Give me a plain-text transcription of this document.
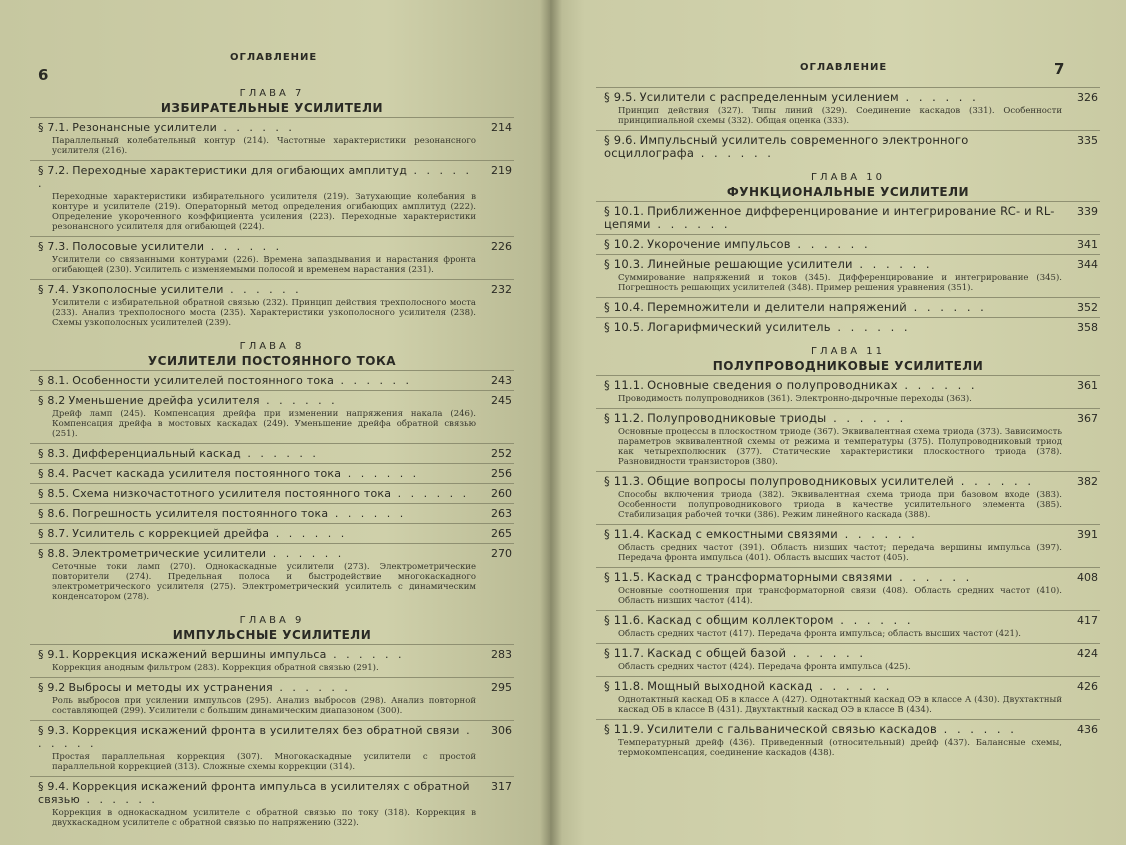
ОГЛАВЛЕНИЕ
6
ГЛАВА 7
ИЗБИРАТЕЛЬНЫЕ УСИЛИТЕЛИ
§ 7.1. Резонансные усилители . . . . . .	214
Параллельный колебательный контур (214). Частотные характеристики резонансного усилителя (216).
§ 7.2. Переходные характеристики для огибающих амплитуд . . . . . .
219
Переходные характеристики избирательного усилителя (219). Затухающие колебания в контуре и усилителе (219). Операторный метод определения огибающих амплитуд (222). Определение укороченного коэффициента усиления (223). Переходные характеристики резонансного усилителя для огибающей (224).
§ 7.3. Полосовые усилители . . . . . .	226
Усилители со связанными контурами (226). Времена запаздывания и нарастания фронта огибающей (230). Усилитель с изменяемыми полосой и временем нарастания (231).
§ 7.4. Узкополосные усилители . . . . . .	232
Усилители с избирательной обратной связью (232). Принцип действия трехполосного моста (233). Анализ трехполосного моста (235). Характеристики узкополосного усилителя (238). Схемы узкополосных усилителей (239).
ГЛАВА 8
УСИЛИТЕЛИ ПОСТОЯННОГО ТОКА
§ 8.1. Особенности усилителей постоянного тока . . . . . .	243
§ 8.2 Уменьшение дрейфа усилителя . . . . . .	245
Дрейф ламп (245). Компенсация дрейфа при изменении напряжения накала (246). Компенсация дрейфа в мостовых каскадах (249). Уменьшение дрейфа обратной связью (251).
§ 8.3. Дифференциальный каскад . . . . . .	252
§ 8.4. Расчет каскада усилителя постоянного тока . . . . . .	256
§ 8.5. Схема низкочастотного усилителя постоянного тока . . . . . .	260
§ 8.6. Погрешность усилителя постоянного тока . . . . . .	263
§ 8.7. Усилитель с коррекцией дрейфа . . . . . .	265
§ 8.8. Электрометрические усилители . . . . . .	270
Сеточные токи ламп (270). Однокаскадные усилители (273). Электрометрические повторители (274). Предельная полоса и быстродействие многокаскадного электрометрического усилителя (275). Электрометрический усилитель с динамическим конденсатором (278).
ГЛАВА 9
ИМПУЛЬСНЫЕ УСИЛИТЕЛИ
§ 9.1. Коррекция искажений вершины импульса . . . . . .	283
Коррекция анодным фильтром (283). Коррекция обратной связью (291).
§ 9.2 Выбросы и методы их устранения . . . . . .	295
Роль выбросов при усилении импульсов (295). Анализ выбросов (298). Анализ повторной составляющей (299). Усилители с большим динамическим диапазоном (300).
§ 9.3. Коррекция искажений фронта в усилителях без обратной связи . . . . . .
306
Простая параллельная коррекция (307). Многокаскадные усилители с простой параллельной коррекцией (313). Сложные схемы коррекции (314).
§ 9.4. Коррекция искажений фронта импульса в усилителях с обратной связью . . . . . .
317
Коррекция в однокаскадном усилителе с обратной связью по току (318). Коррекция в двухкаскадном усилителе с обратной связью по напряжению (322).
ОГЛАВЛЕНИЕ	7
§ 9.5. Усилители с распределенным усилением . . . . . .	326
Принцип действия (327). Типы линий (329). Соединение каскадов (331). Особенности принципиальной схемы (332). Общая оценка (333).
§ 9.6. Импульсный усилитель современного электронного осциллографа . . . . . .
335
ГЛАВА 10
ФУНКЦИОНАЛЬНЫЕ УСИЛИТЕЛИ
§ 10.1. Приближенное дифференцирование и интегрирование RC- и RL-цепями . . . . . .
339
§ 10.2. Укорочение импульсов . . . . . .	341
§ 10.3. Линейные решающие усилители . . . . . .	344
Суммирование напряжений и токов (345). Дифференцирование и интегрирование (345). Погрешность решающих усилителей (348). Пример решения уравнения (351).
§ 10.4. Перемножители и делители напряжений . . . . . .	352
§ 10.5. Логарифмический усилитель . . . . . .	358
ГЛАВА 11
ПОЛУПРОВОДНИКОВЫЕ УСИЛИТЕЛИ
§ 11.1. Основные сведения о полупроводниках . . . . . .	361
Проводимость полупроводников (361). Электронно-дырочные переходы (363).
§ 11.2. Полупроводниковые триоды . . . . . .	367
Основные процессы в плоскостном триоде (367). Эквивалентная схема триода (373). Зависимость параметров эквивалентной схемы от режима и температуры (375). Полупроводниковый триод как четырехполюсник (377). Статические характеристики плоскостного триода (378). Разновидности транзисторов (380).
§ 11.3. Общие вопросы полупроводниковых усилителей . . . . . .	382
Способы включения триода (382). Эквивалентная схема триода при базовом входе (383). Особенности полупроводникового триода в качестве усилительного элемента (385). Стабилизация рабочей точки (386). Режим линейного каскада (388).
§ 11.4. Каскад с емкостными связями . . . . . .	391
Область средних частот (391). Область низших частот; передача вершины импульса (397). Передача фронта импульса (401). Область высших частот (405).
§ 11.5. Каскад с трансформаторными связями . . . . . .	408
Основные соотношения при трансформаторной связи (408). Область средних частот (410). Область низших частот (414).
§ 11.6. Каскад с общим коллектором . . . . . .	417
Область средних частот (417). Передача фронта импульса; область высших частот (421).
§ 11.7. Каскад с общей базой . . . . . .	424
Область средних частот (424). Передача фронта импульса (425).
§ 11.8. Мощный выходной каскад . . . . . .	426
Однотактный каскад ОБ в классе А (427). Однотактный каскад ОЭ в классе А (430). Двухтактный каскад ОБ в классе В (431). Двухтактный каскад ОЭ в классе В (434).
§ 11.9. Усилители с гальванической связью каскадов . . . . . .	436
Температурный дрейф (436). Приведенный (относительный) дрейф (437). Балансные схемы, термокомпенсация, соединение каскадов (438).
